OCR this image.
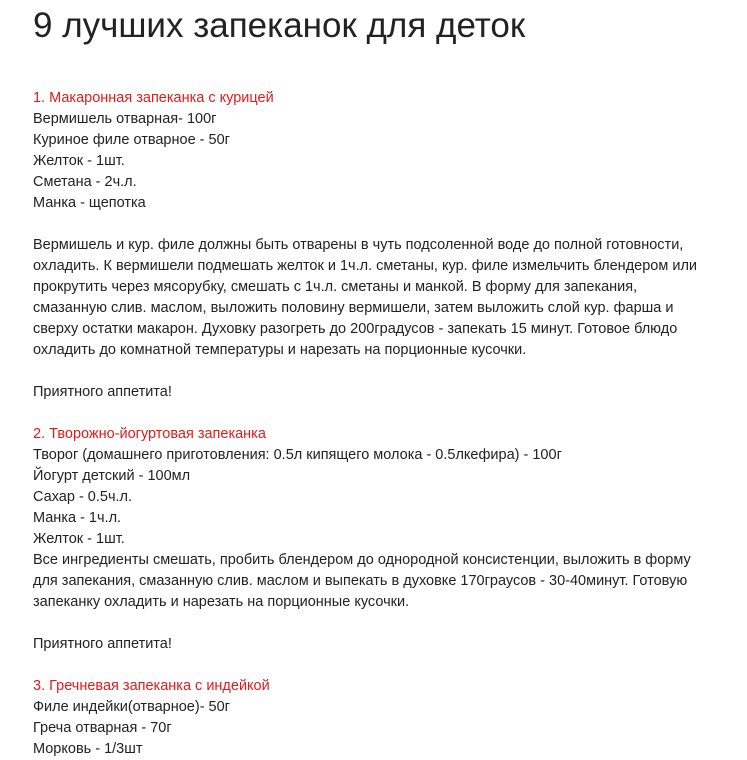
9 лучших запеканок для деток
1. Макаронная запеканка с курицей
Вермишель отварная- 100г
Куриное филе отварное - 50г
Желток - 1шт.
Сметана - 2ч.л.
Манка - щепотка
Вермишель и кур. филе должны быть отварены в чуть подсоленной воде до полной готовности,
охладить. К вермишели подмешать желток и 1ч.л. сметаны, кур. филе измельчить блендером или
прокрутить через мясорубку, смешать с 1ч.л. сметаны и манкой. В форму для запекания,
смазанную слив. маслом, выложить половину вермишели, затем выложить слой кур. фарша и
сверху остатки макарон. Духовку разогреть до 200градусов - запекать 15 минут. Готовое блюдо
охладить до комнатной температуры и нарезать на порционные кусочки.
Приятного аппетита!
2. Творожно-йогуртовая запеканка
Творог (домашнего приготовления: 0.5л кипящего молока - 0.5лкефира) - 100г
Йогурт детский - 100мл
Сахар - 0.5ч.л.
Манка - 1ч.л.
Желток - 1шт.
Все ингредиенты смешать, пробить блендером до однородной консистенции, выложить в форму
для запекания, смазанную слив. маслом и выпекать в духовке 170граусов - 30-40минут. Готовую
запеканку охладить и нарезать на порционные кусочки.
Приятного аппетита!
3. Гречневая запеканка с индейкой
Филе индейки(отварное)- 50г
Греча отварная - 70г
Морковь - 1/3шт
